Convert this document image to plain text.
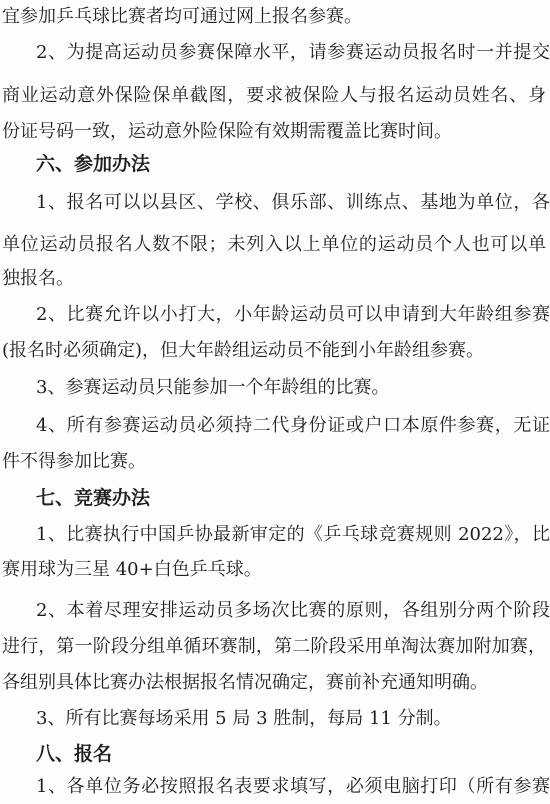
宜参加乒乓球比赛者均可通过网上报名参赛。
2、为提高运动员参赛保障水平，请参赛运动员报名时一并提交
商业运动意外保险保单截图，要求被保险人与报名运动员姓名、身
份证号码一致，运动意外险保险有效期需覆盖比赛时间。
六、参加办法
1、报名可以以县区、学校、俱乐部、训练点、基地为单位，各
单位运动员报名人数不限；未列入以上单位的运动员个人也可以单
独报名。
2、比赛允许以小打大，小年龄运动员可以申请到大年龄组参赛
(报名时必须确定)，但大年龄组运动员不能到小年龄组参赛。
3、参赛运动员只能参加一个年龄组的比赛。
4、所有参赛运动员必须持二代身份证或户口本原件参赛，无证
件不得参加比赛。
七、竞赛办法
1、比赛执行中国乒协最新审定的《乒乓球竞赛规则 2022》，比
赛用球为三星 40+白色乒乓球。
2、本着尽理安排运动员多场次比赛的原则，各组别分两个阶段
进行，第一阶段分组单循环赛制，第二阶段采用单淘汰赛加附加赛，
各组别具体比赛办法根据报名情况确定，赛前补充通知明确。
3、所有比赛每场采用 5 局 3 胜制，每局 11 分制。
八、报名
1、各单位务必按照报名表要求填写，必须电脑打印（所有参赛
